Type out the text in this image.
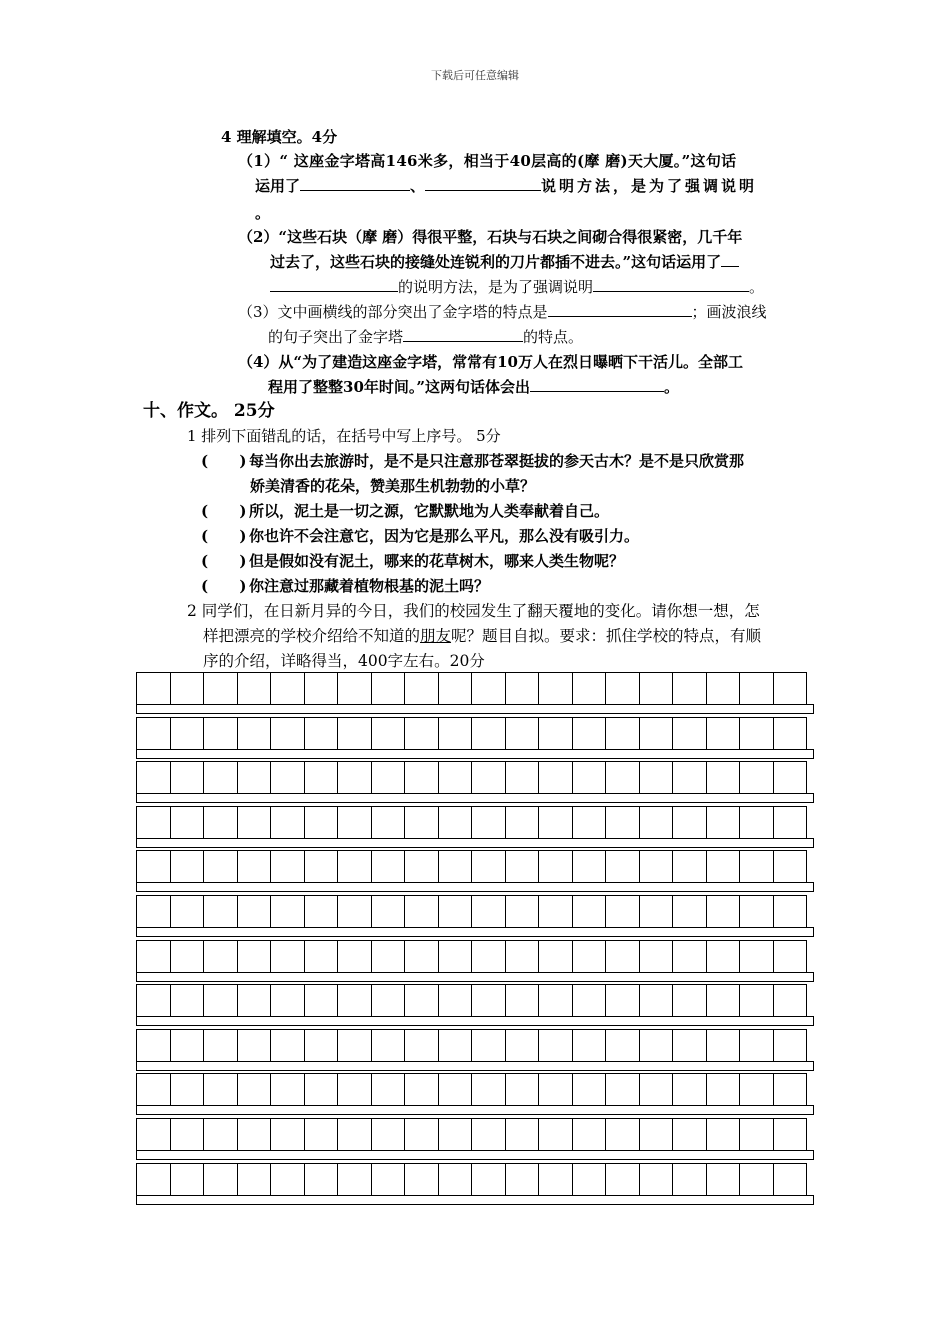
下载后可任意编辑
4 理解填空。4分
（1）“ 这座金字塔高146米多，相当于40层高的(摩 磨)天大厦。”这句话
运用了	、	说明方法，是为了强调说明
。
（2）“这些石块（摩 磨）得很平整，石块与石块之间砌合得很紧密，几千年
过去了，这些石块的接缝处连锐利的刀片都插不进去。”这句话运用了
的说明方法，是为了强调说明	。
（3）文中画横线的部分突出了金字塔的特点是	；画波浪线
的句子突出了金字塔	的特点。
（4）从“为了建造这座金字塔，常常有10万人在烈日曝晒下干活儿。全部工
程用了整整30年时间。”这两句话体会出	。
十、作文。 25分
1 排列下面错乱的话，在括号中写上序号。 5分
(      ) 每当你出去旅游时，是不是只注意那苍翠挺拔的参天古木？是不是只欣赏那
娇美清香的花朵，赞美那生机勃勃的小草？
(      ) 所以，泥土是一切之源，它默默地为人类奉献着自己。
(      ) 你也许不会注意它，因为它是那么平凡，那么没有吸引力。
(      ) 但是假如没有泥土，哪来的花草树木，哪来人类生物呢？
(      ) 你注意过那藏着植物根基的泥土吗？
2 同学们，在日新月异的今日，我们的校园发生了翻天覆地的变化。请你想一想，怎
样把漂亮的学校介绍给不知道的朋友呢？题目自拟。要求：抓住学校的特点，有顺
序的介绍，详略得当，400字左右。20分
